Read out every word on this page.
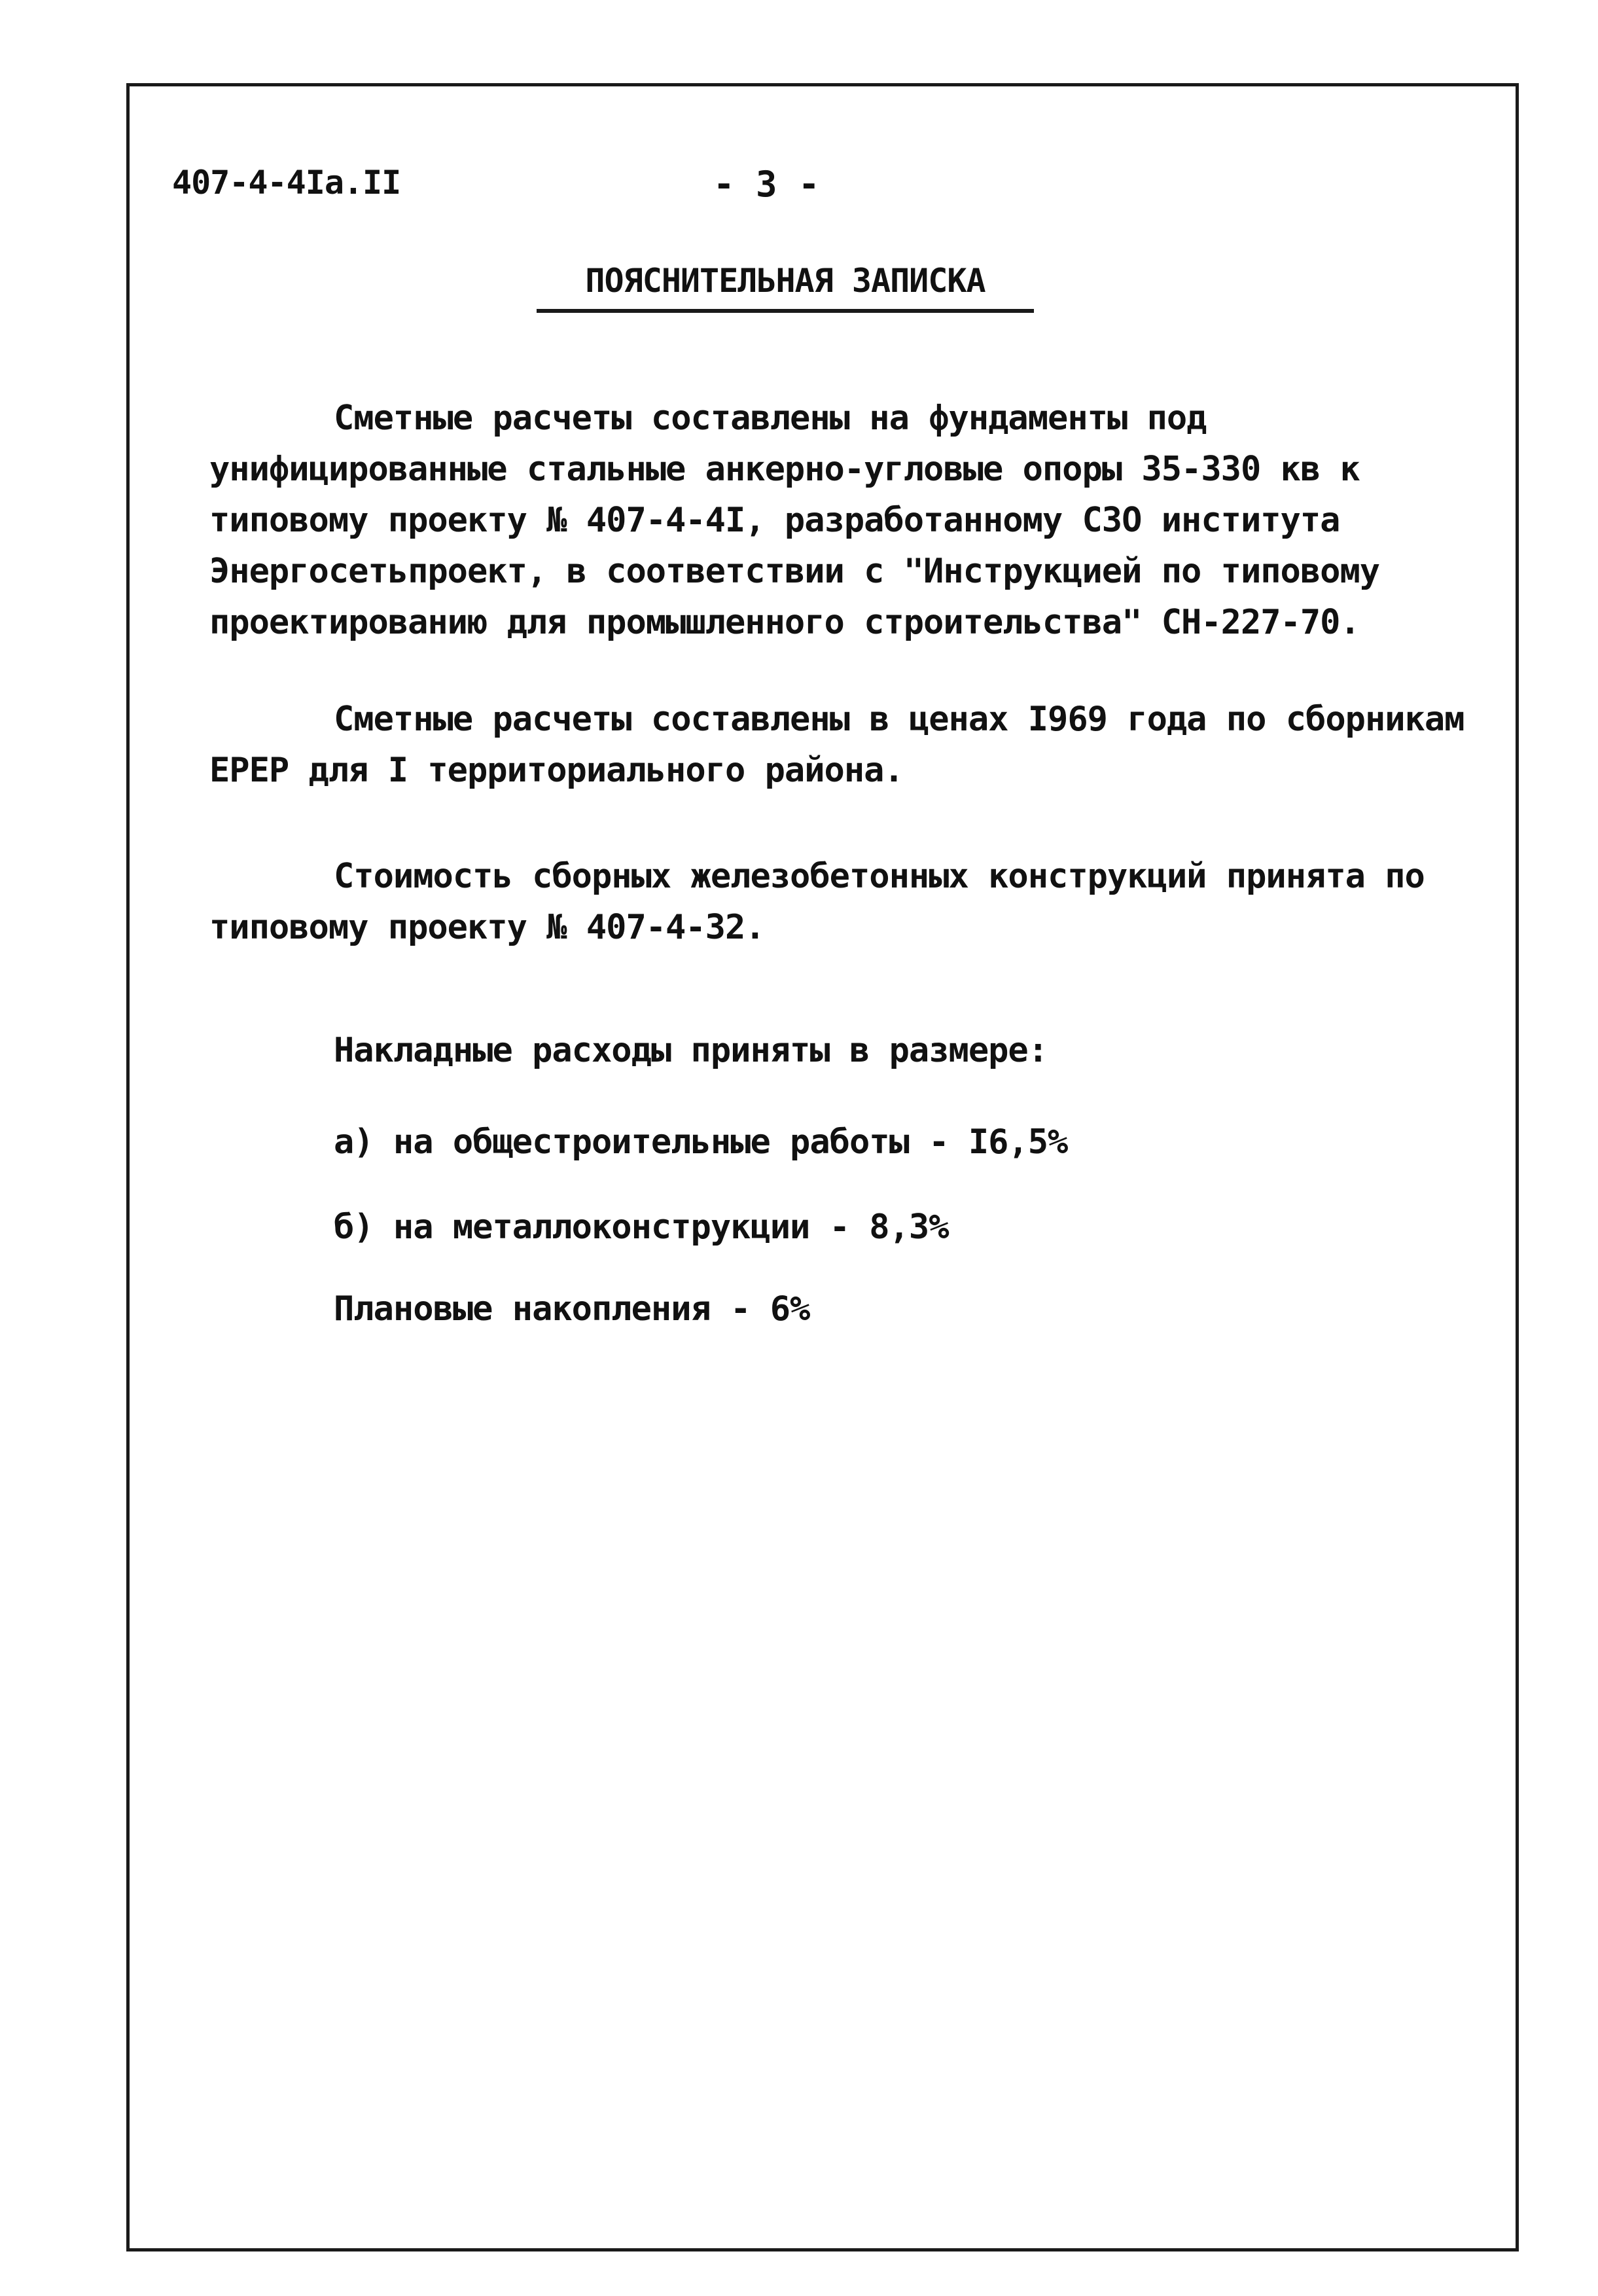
407-4-4Iа.II	- 3 -
ПОЯСНИТЕЛЬНАЯ ЗАПИСКА

Сметные расчеты составлены на фундаменты под унифицированные стальные анкерно-угловые опоры 35-330 кв к типовому проекту № 407-4-4I, разработанному СЗО института Энергосетьпроект, в соответствии с "Инструкцией по типовому проектированию для промышленного строительства" СН-227-70.

Сметные расчеты составлены в ценах I969 года по сборникам ЕРЕР для I территориального района.

Стоимость сборных железобетонных конструкций принята по типовому проекту № 407-4-32.

Накладные расходы приняты в размере:
а) на общестроительные работы - I6,5%
б) на металлоконструкции - 8,3%
Плановые накопления - 6%
